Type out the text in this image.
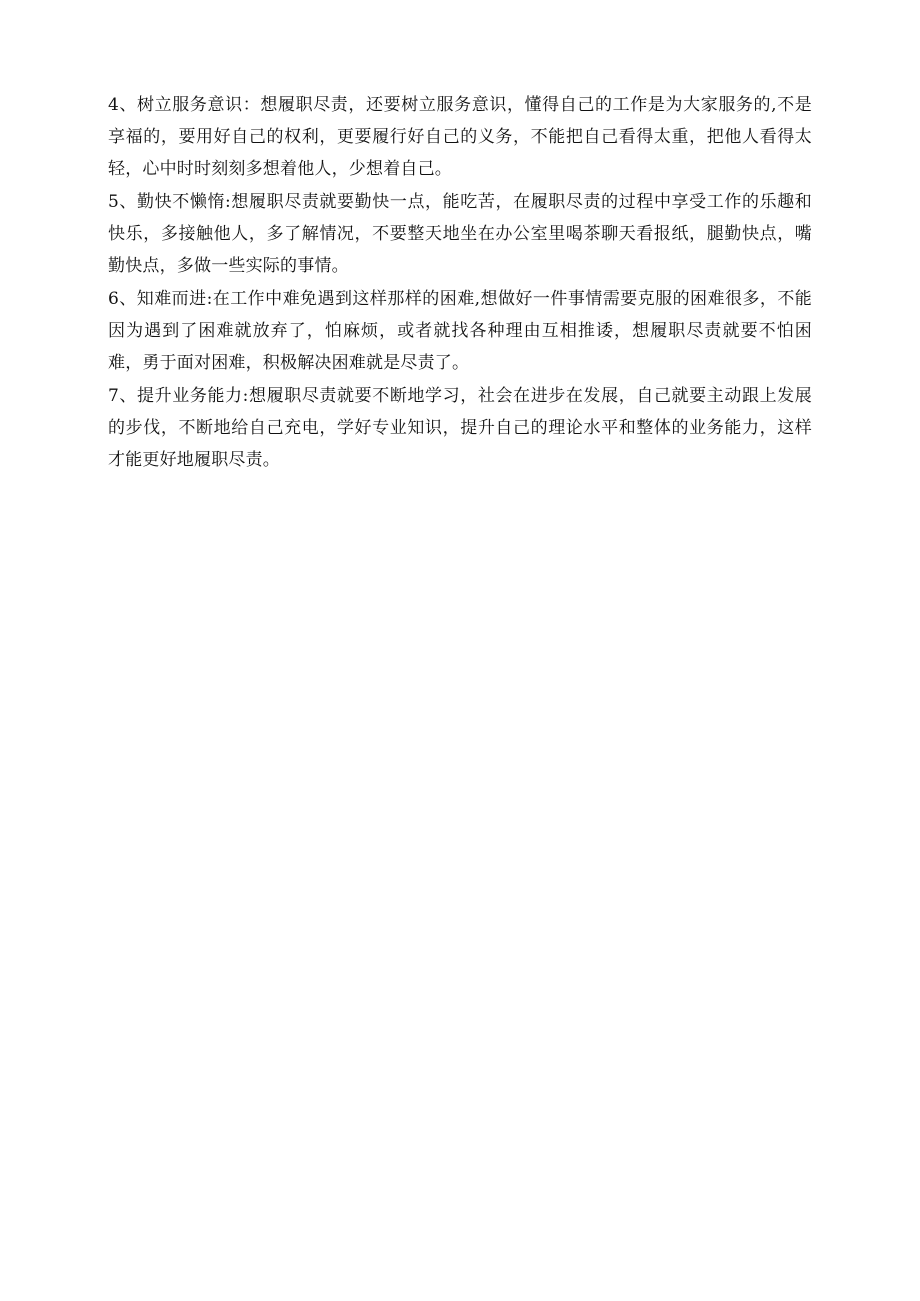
4、树立服务意识：想履职尽责，还要树立服务意识，懂得自己的工作是为大家服务的,不是享福的，要用好自己的权利，更要履行好自己的义务，不能把自己看得太重，把他人看得太轻，心中时时刻刻多想着他人，少想着自己。

5、勤快不懒惰:想履职尽责就要勤快一点，能吃苦，在履职尽责的过程中享受工作的乐趣和快乐，多接触他人，多了解情况，不要整天地坐在办公室里喝茶聊天看报纸，腿勤快点，嘴勤快点，多做一些实际的事情。

6、知难而进:在工作中难免遇到这样那样的困难,想做好一件事情需要克服的困难很多，不能因为遇到了困难就放弃了，怕麻烦，或者就找各种理由互相推诿，想履职尽责就要不怕困难，勇于面对困难，积极解决困难就是尽责了。

7、提升业务能力:想履职尽责就要不断地学习，社会在进步在发展，自己就要主动跟上发展的步伐，不断地给自己充电，学好专业知识，提升自己的理论水平和整体的业务能力，这样才能更好地履职尽责。
